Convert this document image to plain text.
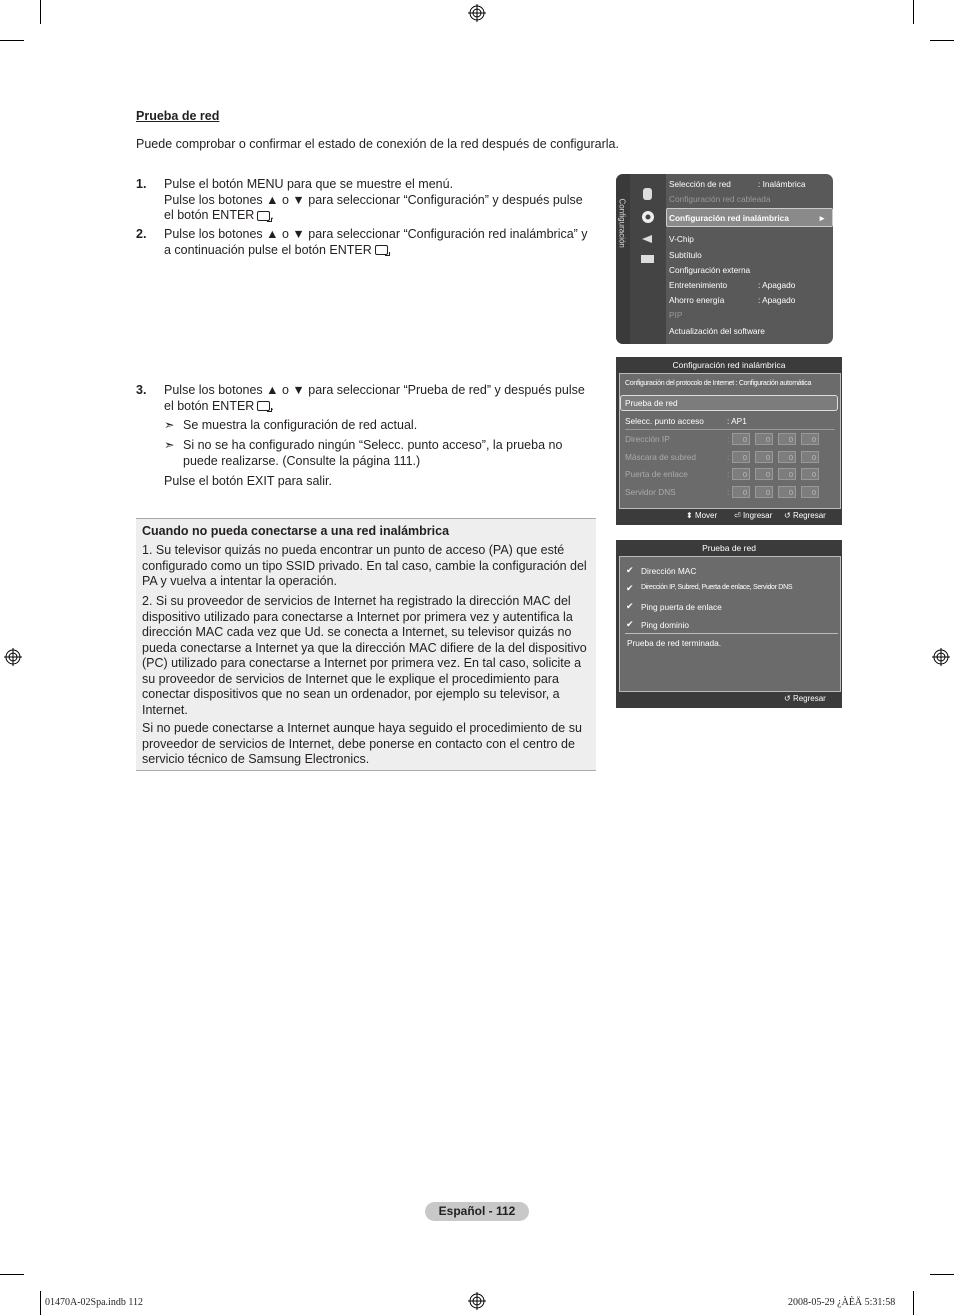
Prueba de red
Puede comprobar o confirmar el estado de conexión de la red después de configurarla.
1. Pulse el botón MENU para que se muestre el menú.
Pulse los botones ▲ o ▼ para seleccionar “Configuración” y después pulse
el botón ENTER .
2. Pulse los botones ▲ o ▼ para seleccionar “Configuración red inalámbrica” y
a continuación pulse el botón ENTER .
3. Pulse los botones ▲ o ▼ para seleccionar “Prueba de red” y después pulse
el botón ENTER .
➣ Se muestra la configuración de red actual.
➣ Si no se ha configurado ningún “Selecc. punto acceso”, la prueba no puede realizarse. (Consulte la página 111.)
Pulse el botón EXIT para salir.
Cuando no pueda conectarse a una red inalámbrica
1. Su televisor quizás no pueda encontrar un punto de acceso (PA) que esté configurado como un tipo SSID privado. En tal caso, cambie la configuración del PA y vuelva a intentar la operación.
2. Si su proveedor de servicios de Internet ha registrado la dirección MAC del dispositivo utilizado para conectarse a Internet por primera vez y autentifica la dirección MAC cada vez que Ud. se conecta a Internet, su televisor quizás no pueda conectarse a Internet ya que la dirección MAC difiere de la del dispositivo (PC) utilizado para conectarse a Internet por primera vez. En tal caso, solicite a su proveedor de servicios de Internet que le explique el procedimiento para conectar dispositivos que no sean un ordenador, por ejemplo su televisor, a Internet.
Si no puede conectarse a Internet aunque haya seguido el procedimiento de su proveedor de servicios de Internet, debe ponerse en contacto con el centro de servicio técnico de Samsung Electronics.
Configuración
Selección de red	: Inalámbrica
Configuración red cableada
Configuración red inalámbrica	►
V-Chip
Subtítulo
Configuración externa
Entretenimiento	: Apagado
Ahorro energía	: Apagado
PIP
Actualización del software
Configuración red inalámbrica
Configuración del protocolo de Internet : Configuración automática
Prueba de red
Selecc. punto acceso	: AP1
Dirección IP	:	0	0	0	0
Máscara de subred	:	0	0	0	0
Puerta de enlace	:	0	0	0	0
Servidor DNS	:	0	0	0	0
⬍ Mover ⏎ Ingresar ↺ Regresar
Prueba de red
✔ Dirección MAC
✔ Dirección IP, Subred, Puerta de enlace, Servidor DNS
✔ Ping puerta de enlace
✔ Ping dominio
Prueba de red terminada.
↺ Regresar
Español - 112
01470A-02Spa.indb 112	2008-05-29 ¿ÀÈÄ 5:31:58
